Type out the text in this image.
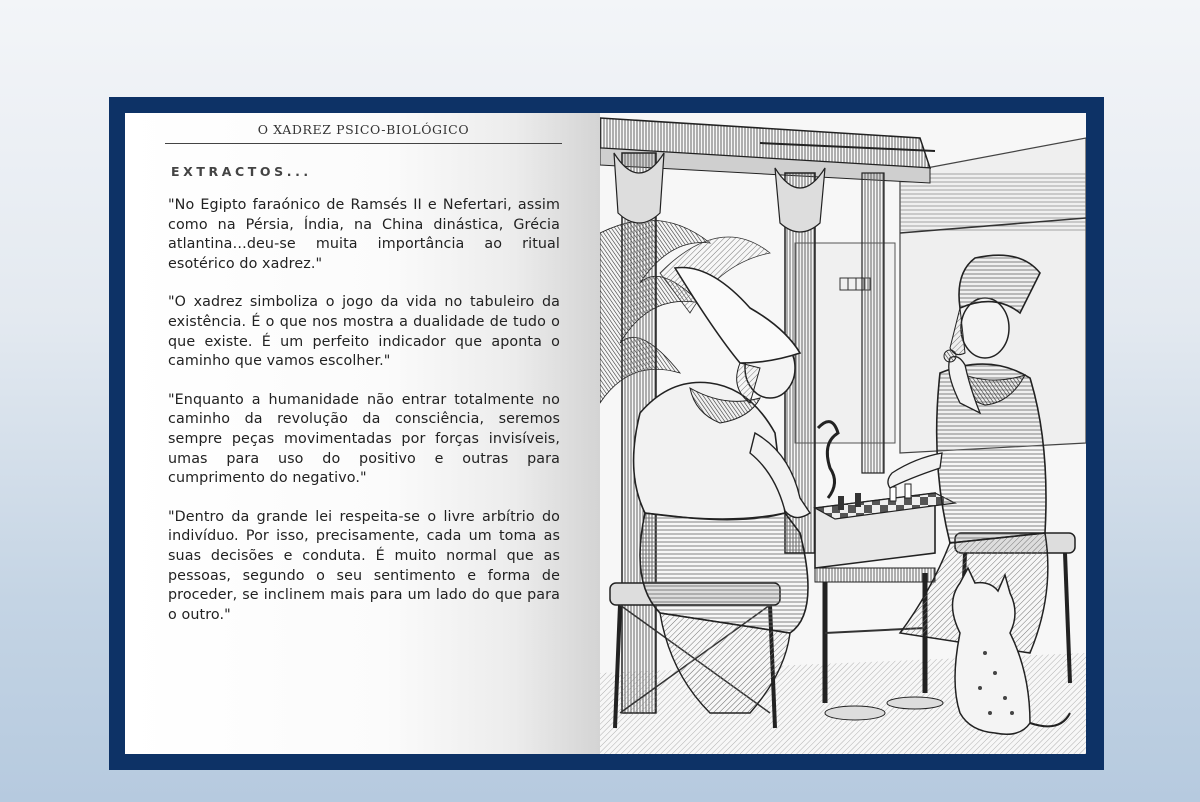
O XADREZ PSICO-BIOLÓGICO
EXTRACTOS...

"No Egipto faraónico de Ramsés II e Nefertari, assim como na Pérsia, Índia, na China dinástica, Grécia atlantina…deu-se muita importância ao ritual esotérico do xadrez."

"O xadrez simboliza o jogo da vida no tabuleiro da existência. É o que nos mostra a dualidade de tudo o que existe. É um perfeito indicador que aponta o caminho que vamos escolher."

"Enquanto a humanidade não entrar totalmente no caminho da revolução da consciência, seremos sempre peças movimentadas por forças invisíveis, umas para uso do positivo e outras para cumprimento do negativo."

"Dentro da grande lei respeita-se o livre arbítrio do indivíduo. Por isso, precisamente, cada um toma as suas decisões e conduta. É muito normal que as pessoas, segundo o seu sentimento e forma de proceder, se inclinem mais para um lado do que para o outro."
